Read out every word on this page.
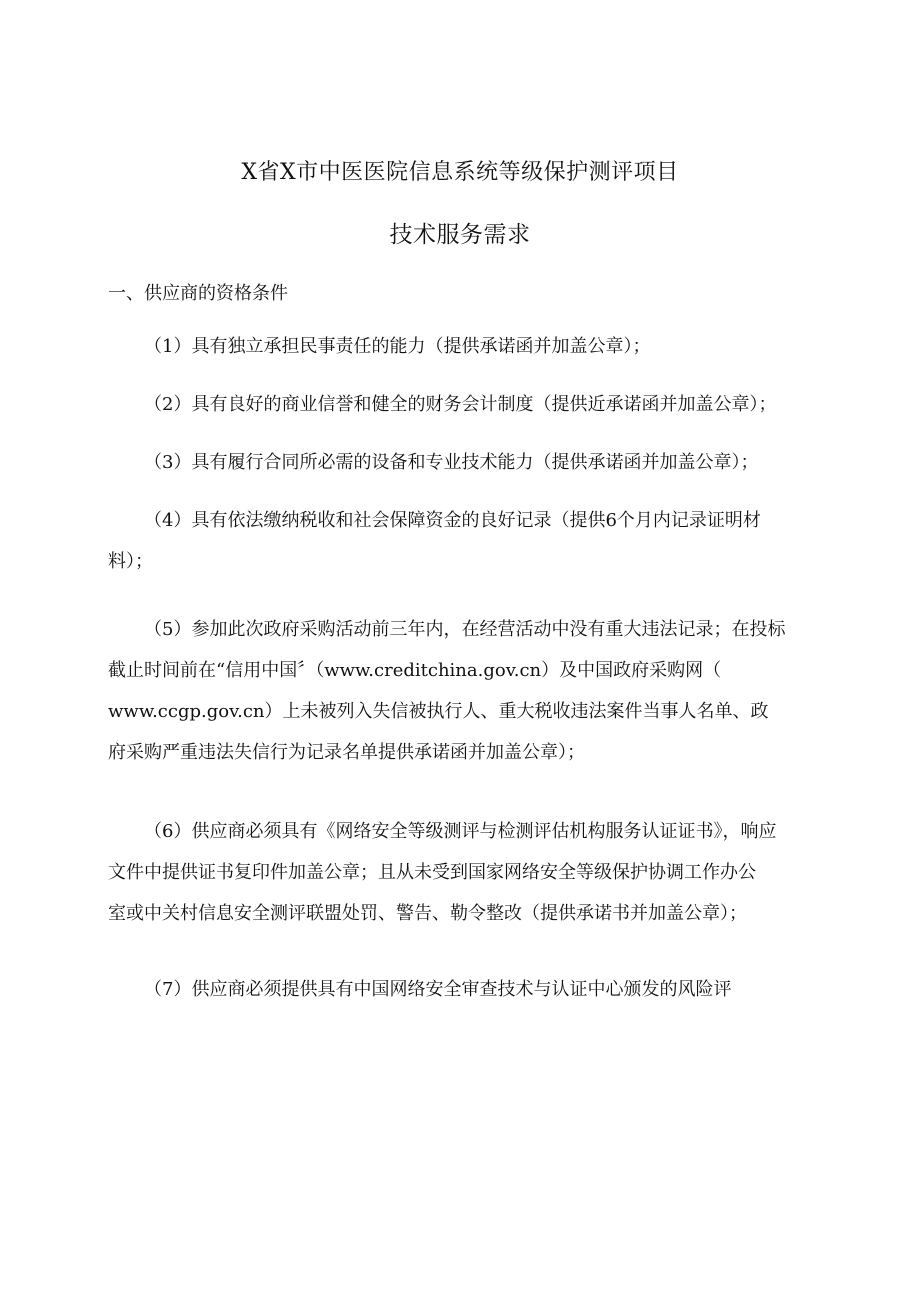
X省X市中医医院信息系统等级保护测评项目
技术服务需求
一、供应商的资格条件
（1）具有独立承担民事责任的能力（提供承诺函并加盖公章）；
（2）具有良好的商业信誉和健全的财务会计制度（提供近承诺函并加盖公章）；
（3）具有履行合同所必需的设备和专业技术能力（提供承诺函并加盖公章）；
（4）具有依法缴纳税收和社会保障资金的良好记录（提供6个月内记录证明材
料）；
（5）参加此次政府采购活动前三年内，在经营活动中没有重大违法记录；在投标
截止时间前在“信用中国〞（www.creditchina.gov.cn）及中国政府采购网（
www.ccgp.gov.cn）上未被列入失信被执行人、重大税收违法案件当事人名单、政
府采购严重违法失信行为记录名单提供承诺函并加盖公章）；
（6）供应商必须具有《网络安全等级测评与检测评估机构服务认证证书》，响应
文件中提供证书复印件加盖公章；且从未受到国家网络安全等级保护协调工作办公
室或中关村信息安全测评联盟处罚、警告、勒令整改（提供承诺书并加盖公章）；
（7）供应商必须提供具有中国网络安全审查技术与认证中心颁发的风险评
